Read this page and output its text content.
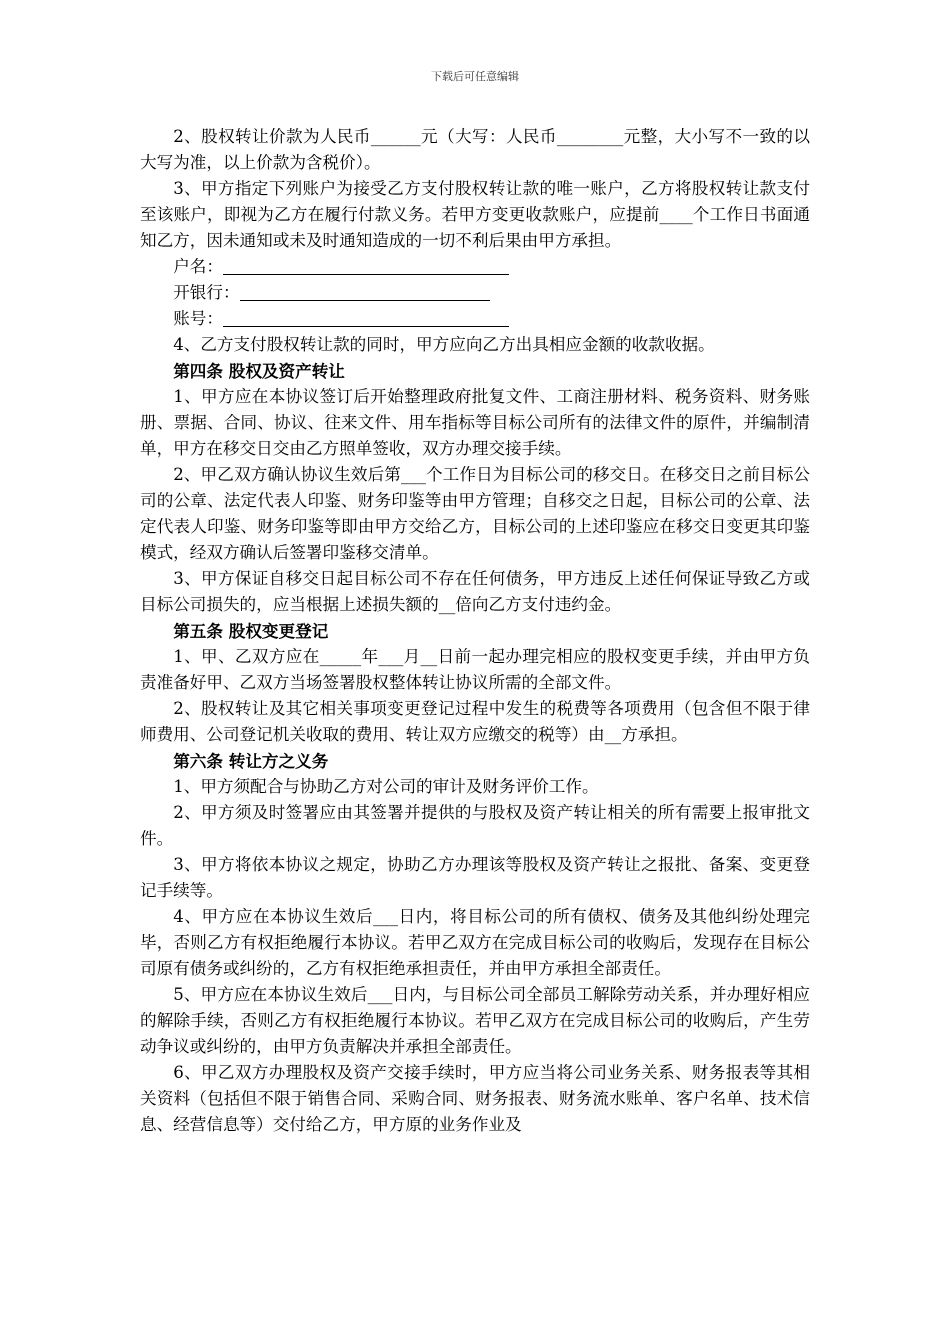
下载后可任意编辑

2、股权转让价款为人民币______元（大写：人民币________元整，大小写不一致的以大写为准，以上价款为含税价）。

3、甲方指定下列账户为接受乙方支付股权转让款的唯一账户，乙方将股权转让款支付至该账户，即视为乙方在履行付款义务。若甲方变更收款账户，应提前____个工作日书面通知乙方，因未通知或未及时通知造成的一切不利后果由甲方承担。

户名：

开银行：

账号：

4、乙方支付股权转让款的同时，甲方应向乙方出具相应金额的收款收据。

第四条 股权及资产转让

1、甲方应在本协议签订后开始整理政府批复文件、工商注册材料、税务资料、财务账册、票据、合同、协议、往来文件、用车指标等目标公司所有的法律文件的原件，并编制清单，甲方在移交日交由乙方照单签收，双方办理交接手续。

2、甲乙双方确认协议生效后第___个工作日为目标公司的移交日。在移交日之前目标公司的公章、法定代表人印鉴、财务印鉴等由甲方管理；自移交之日起，目标公司的公章、法定代表人印鉴、财务印鉴等即由甲方交给乙方，目标公司的上述印鉴应在移交日变更其印鉴模式，经双方确认后签署印鉴移交清单。

3、甲方保证自移交日起目标公司不存在任何债务，甲方违反上述任何保证导致乙方或目标公司损失的，应当根据上述损失额的__倍向乙方支付违约金。

第五条 股权变更登记

1、甲、乙双方应在_____年___月__日前一起办理完相应的股权变更手续，并由甲方负责准备好甲、乙双方当场签署股权整体转让协议所需的全部文件。

2、股权转让及其它相关事项变更登记过程中发生的税费等各项费用（包含但不限于律师费用、公司登记机关收取的费用、转让双方应缴交的税等）由__方承担。

第六条 转让方之义务

1、甲方须配合与协助乙方对公司的审计及财务评价工作。

2、甲方须及时签署应由其签署并提供的与股权及资产转让相关的所有需要上报审批文件。

3、甲方将依本协议之规定，协助乙方办理该等股权及资产转让之报批、备案、变更登记手续等。

4、甲方应在本协议生效后___日内，将目标公司的所有债权、债务及其他纠纷处理完毕，否则乙方有权拒绝履行本协议。若甲乙双方在完成目标公司的收购后，发现存在目标公司原有债务或纠纷的，乙方有权拒绝承担责任，并由甲方承担全部责任。

5、甲方应在本协议生效后___日内，与目标公司全部员工解除劳动关系，并办理好相应的解除手续，否则乙方有权拒绝履行本协议。若甲乙双方在完成目标公司的收购后，产生劳动争议或纠纷的，由甲方负责解决并承担全部责任。

6、甲乙双方办理股权及资产交接手续时，甲方应当将公司业务关系、财务报表等其相关资料（包括但不限于销售合同、采购合同、财务报表、财务流水账单、客户名单、技术信息、经营信息等）交付给乙方，甲方原的业务作业及
